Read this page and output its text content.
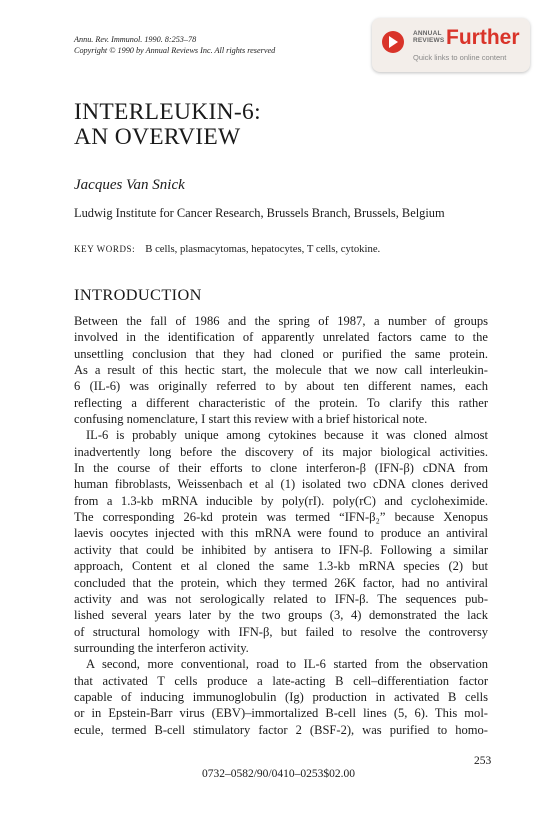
Annu. Rev. Immunol. 1990. 8:253–78
Copyright © 1990 by Annual Reviews Inc. All rights reserved
ANNUAL
REVIEWS Further
Quick links to online content
INTERLEUKIN-6:
AN OVERVIEW
Jacques Van Snick
Ludwig Institute for Cancer Research, Brussels Branch, Brussels, Belgium
KEY WORDS: B cells, plasmacytomas, hepatocytes, T cells, cytokine.
INTRODUCTION

Between the fall of 1986 and the spring of 1987, a number of groups

involved in the identification of apparently unrelated factors came to the

unsettling conclusion that they had cloned or purified the same protein.

As a result of this hectic start, the molecule that we now call interleukin-

6 (IL-6) was originally referred to by about ten different names, each

reflecting a different characteristic of the protein. To clarify this rather

confusing nomenclature, I start this review with a brief historical note.

IL-6 is probably unique among cytokines because it was cloned almost

inadvertently long before the discovery of its major biological activities.

In the course of their efforts to clone interferon-β (IFN-β) cDNA from

human fibroblasts, Weissenbach et al (1) isolated two cDNA clones derived

from a 1.3-kb mRNA inducible by poly(rI). poly(rC) and cycloheximide.

The corresponding 26-kd protein was termed “IFN-β₂” because Xenopus

laevis oocytes injected with this mRNA were found to produce an antiviral

activity that could be inhibited by antisera to IFN-β. Following a similar

approach, Content et al cloned the same 1.3-kb mRNA species (2) but

concluded that the protein, which they termed 26K factor, had no antiviral

activity and was not serologically related to IFN-β. The sequences pub-

lished several years later by the two groups (3, 4) demonstrated the lack

of structural homology with IFN-β, but failed to resolve the controversy

surrounding the interferon activity.

A second, more conventional, road to IL-6 started from the observation

that activated T cells produce a late-acting B cell–differentiation factor

capable of inducing immunoglobulin (Ig) production in activated B cells

or in Epstein-Barr virus (EBV)–immortalized B-cell lines (5, 6). This mol-

ecule, termed B-cell stimulatory factor 2 (BSF-2), was purified to homo-

253
0732–0582/90/0410–0253$02.00
